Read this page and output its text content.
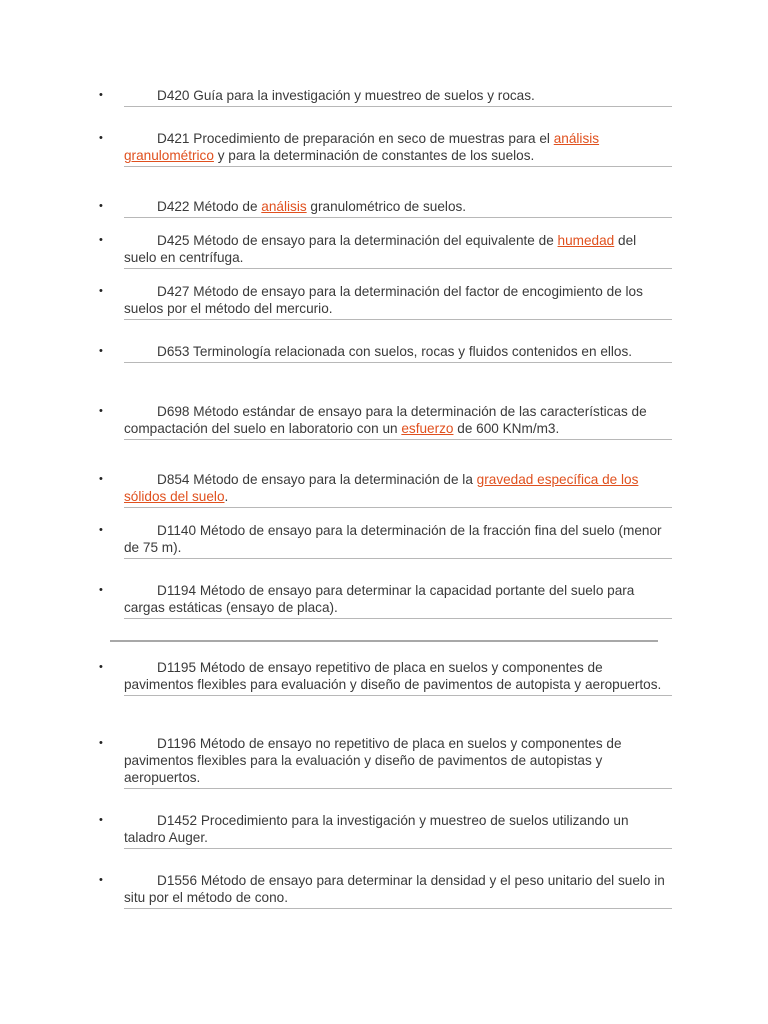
•	D420 Guía para la investigación y muestreo de suelos y rocas.
•	D421 Procedimiento de preparación en seco de muestras para el análisis granulométrico y para la determinación de constantes de los suelos.
•	D422 Método de análisis granulométrico de suelos.
•	D425 Método de ensayo para la determinación del equivalente de humedad del suelo en centrífuga.
•	D427 Método de ensayo para la determinación del factor de encogimiento de los suelos por el método del mercurio.
•	D653 Terminología relacionada con suelos, rocas y fluidos contenidos en ellos.
•	D698 Método estándar de ensayo para la determinación de las características de compactación del suelo en laboratorio con un esfuerzo de 600 KNm/m3.
•	D854 Método de ensayo para la determinación de la gravedad específica de los sólidos del suelo.
•	D1140 Método de ensayo para la determinación de la fracción fina del suelo (menor de 75 m).
•	D1194 Método de ensayo para determinar la capacidad portante del suelo para cargas estáticas (ensayo de placa).
•	D1195 Método de ensayo repetitivo de placa en suelos y componentes de pavimentos flexibles para evaluación y diseño de pavimentos de autopista y aeropuertos.
•	D1196 Método de ensayo no repetitivo de placa en suelos y componentes de pavimentos flexibles para la evaluación y diseño de pavimentos de autopistas y aeropuertos.
•	D1452 Procedimiento para la investigación y muestreo de suelos utilizando un taladro Auger.
•	D1556 Método de ensayo para determinar la densidad y el peso unitario del suelo in situ por el método de cono.
